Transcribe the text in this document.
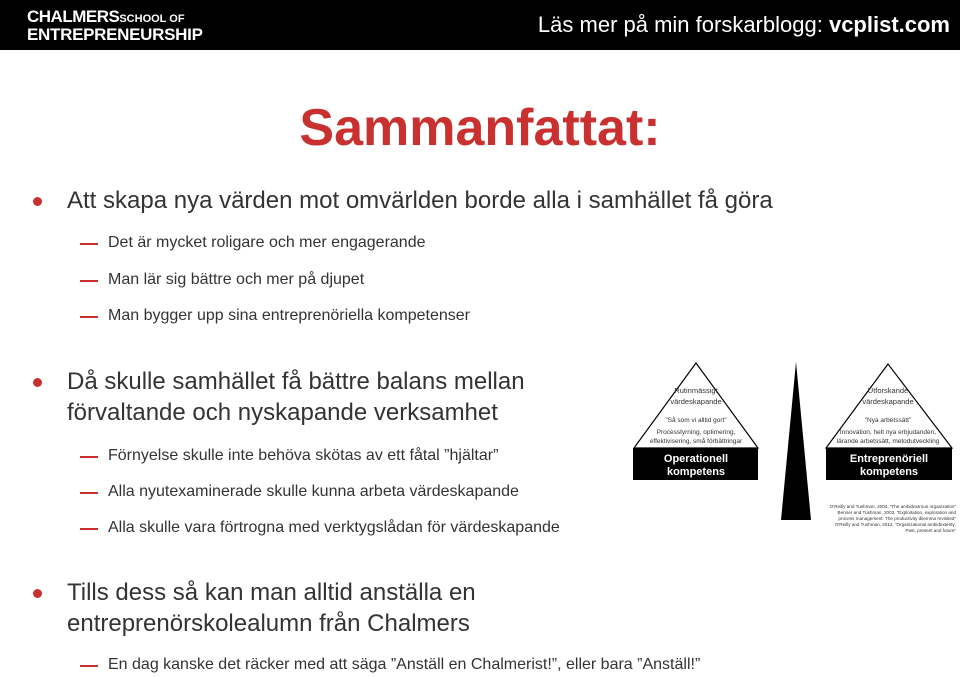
CHALMERSSCHOOL OF
ENTREPRENEURSHIP	Läs mer på min forskarblogg: vcplist.com
Sammanfattat:
Att skapa nya värden mot omvärlden borde alla i samhället få göra
Det är mycket roligare och mer engagerande
Man lär sig bättre och mer på djupet
Man bygger upp sina entreprenöriella kompetenser
Då skulle samhället få bättre balans mellan
förvaltande och nyskapande verksamhet
Förnyelse skulle inte behöva skötas av ett fåtal ”hjältar”
Alla nyutexaminerade skulle kunna arbeta värdeskapande
Alla skulle vara förtrogna med verktygslådan för värdeskapande
Tills dess så kan man alltid anställa en
entreprenörskolealumn från Chalmers
En dag kanske det räcker med att säga ”Anställ en Chalmerist!”, eller bara ”Anställ!”
Rutinmässigt
värdeskapande
”Så som vi alltid gort”
Processtyrning, optimering,
effektivisering, små förbättringar
Utforskande
värdeskapande
”Nya arbetssätt”
Innovation, helt nya erbjudanden,
lärande arbetssätt, metodutveckling
Operationell
kompetens
Entreprenöriell
kompetens
O'Reilly and Tushman, 2004, ”The ambidextrous organization”
Benner and Tushman, 2003, ”Exploitation, exploration and
process management: The productivity dilemma revisited”
O'Reilly and Tushman, 2013, ”Organizational ambidexterity:
Past, present and future”
